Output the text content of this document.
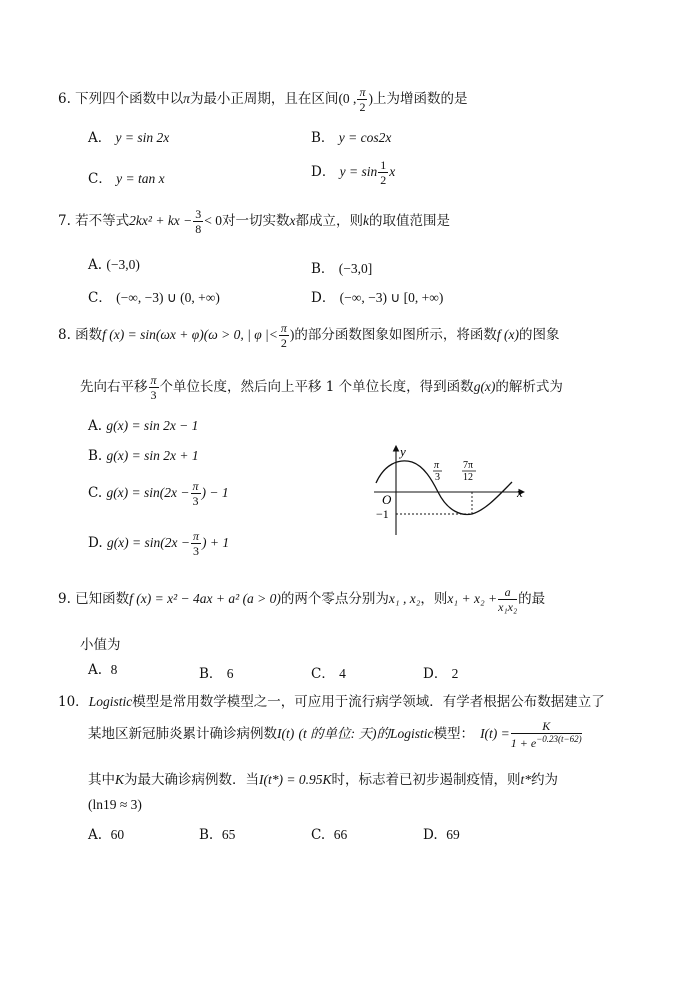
6. 下列四个函数中以π为最小正周期，且在区间(0 , $\frac{\pi}{2}$ )上为增函数的是
A． y = sin 2x	B． y = cos2x
C． y = tan x	D． $y = \sin \frac{1}{2}$ x
7. 若不等式2kx² + kx − $\frac{3}{8} < 0$对一切实数x都成立，则k的取值范围是
A. (−3,0)	B． (−3,0]
C． (−∞, −3) ∪ (0, +∞)	D． (−∞, −3) ∪ [0, +∞)
8. 函数f (x) = sin(ωx + φ)(ω > 0, | φ |< $\frac{\pi}{2}$ )的部分函数图象如图所示，将函数f (x)的图象
先向右平移 $\frac{\pi}{3}$ 个单位长度，然后向上平移 1 个单位长度，得到函数g(x)的解析式为
A. g(x) = sin 2x − 1
B. g(x) = sin 2x + 1
C. $g(x) = \sin(2x - \frac{\pi}{3}$ ) − 1
D. $g(x) = \sin(2x - \frac{\pi}{3}$ ) + 1
y
x
O
π
3
7π
12
−1
9. 已知函数f (x) = x² − 4ax + a² (a > 0)的两个零点分别为x₁ , x₂，则$x_1 + x_2 + \frac{a}{\text{x₁x₂}}$ 的最
小值为
A. 8	B． 6	C． 4	D． 2
10．Logistic模型是常用数学模型之一，可应用于流行病学领域．有学者根据公布数据建立了
某地区新冠肺炎累计确诊病例数I(t) (t 的单位: 天)的Logistic模型： $I(t) = \frac{K}{1 + e^{-0.23(t-62)}}$
其中K为最大确诊病例数．当I(t*) = 0.95K时，标志着已初步遏制疫情，则t*约为
(ln19 ≈ 3)
A. 60	B. 65	C. 66	D. 69
